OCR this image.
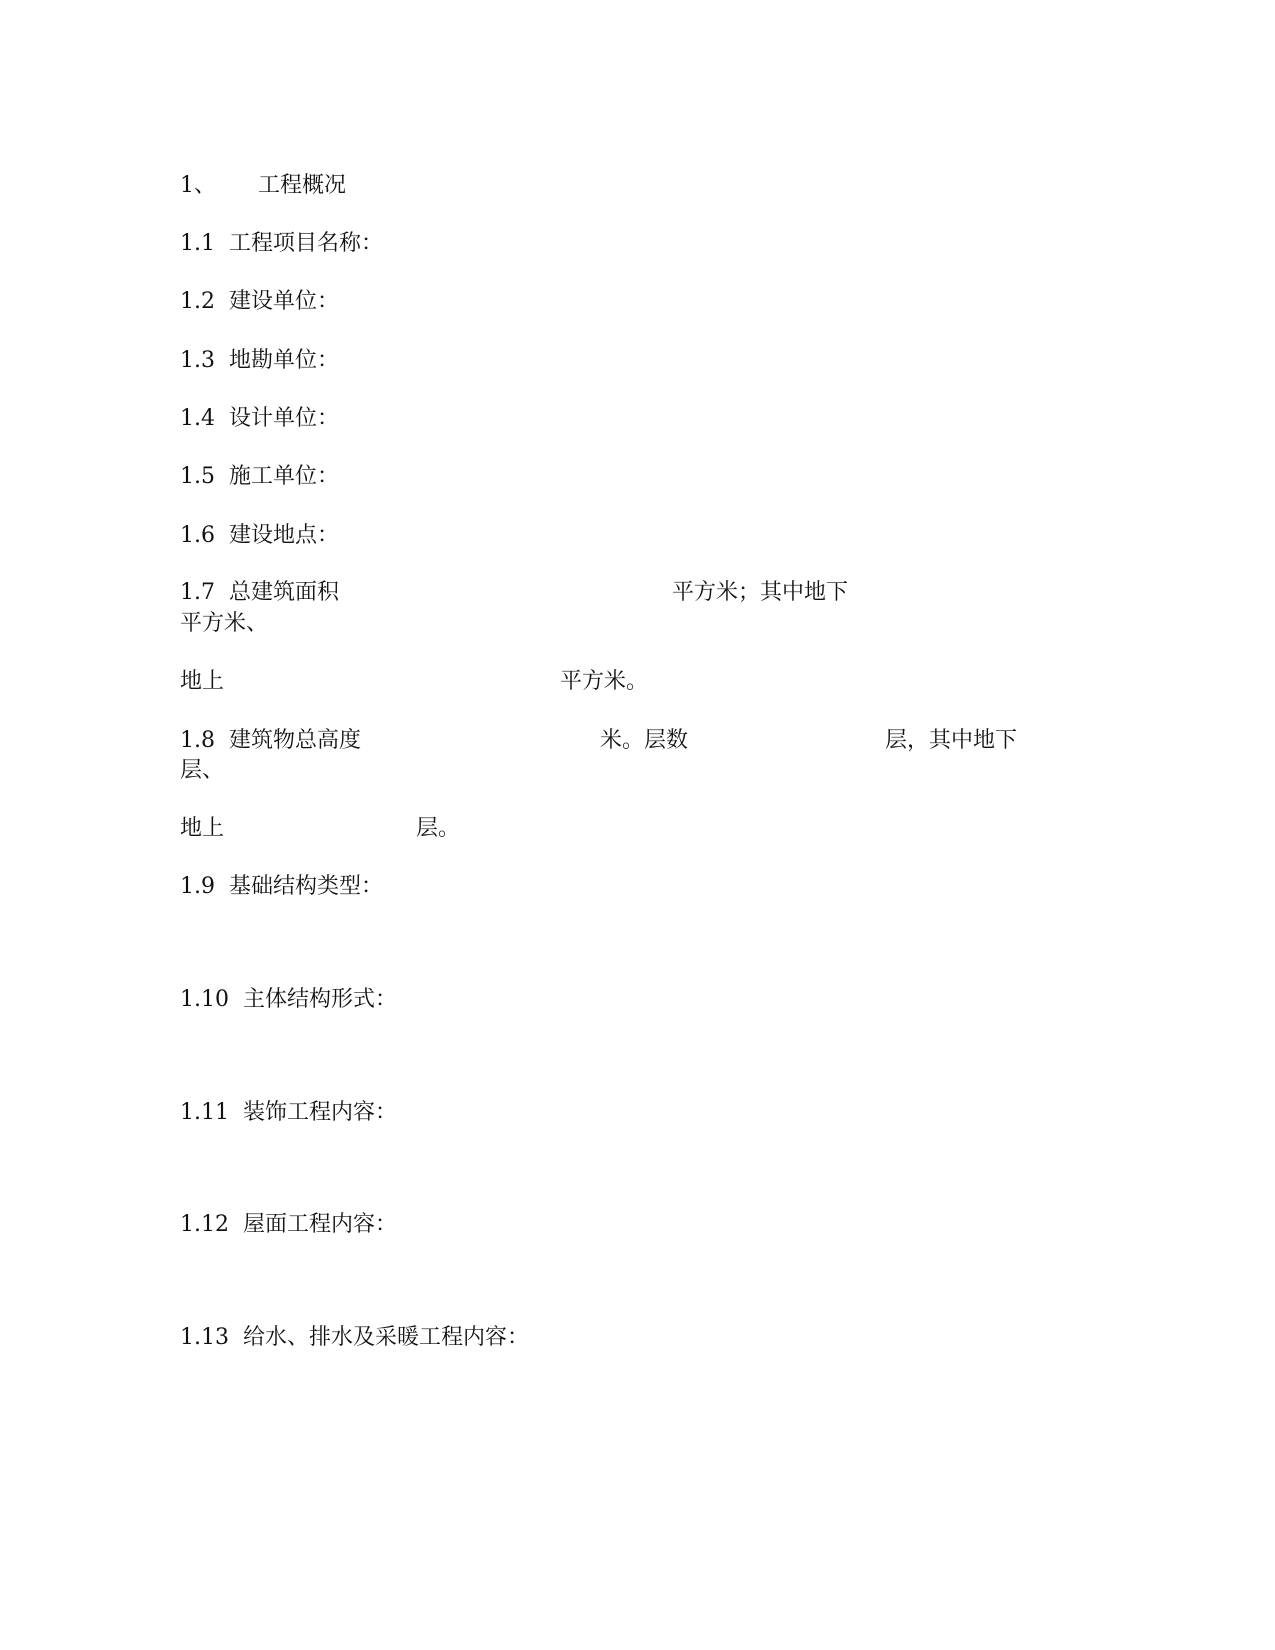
1、 工程概况
1.1 工程项目名称：
1.2 建设单位：
1.3 地勘单位：
1.4 设计单位：
1.5 施工单位：
1.6 建设地点：
1.7 总建筑面积	平方米；其中地下
平方米、
地上	平方米。
1.8 建筑物总高度	米。层数	层，其中地下
层、
地上	层。
1.9 基础结构类型：
1.10 主体结构形式：
1.11 装饰工程内容：
1.12 屋面工程内容：
1.13 给水、排水及采暖工程内容：
